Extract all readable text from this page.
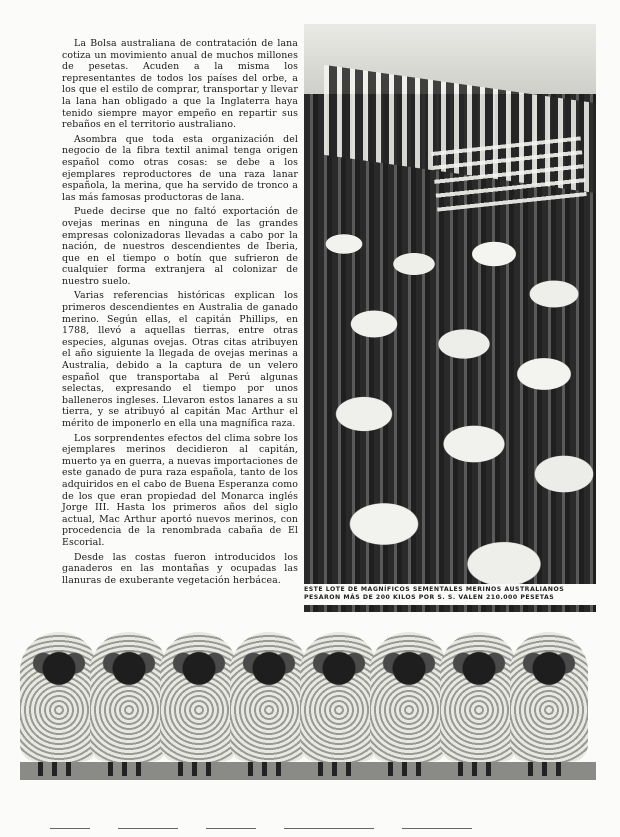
La Bolsa australiana de contratación de lana cotiza un movimiento anual de muchos millones de pesetas. Acuden a la misma los representantes de todos los países del orbe, a los que el estilo de comprar, transportar y llevar la lana han obligado a que la Inglaterra haya tenido siempre mayor empeño en repartir sus rebaños en el territorio australiano.

Asombra que toda esta organización del negocio de la fibra textil animal tenga origen español como otras cosas: se debe a los ejemplares reproductores de una raza lanar española, la merina, que ha servido de tronco a las más famosas productoras de lana.

Puede decirse que no faltó exportación de ovejas merinas en ninguna de las grandes empresas colonizadoras llevadas a cabo por la nación, de nuestros descendientes de Iberia, que en el tiempo o botín que sufrieron de cualquier forma extranjera al colonizar de nuestro suelo.

Varias referencias históricas explican los primeros descendientes en Australia de ganado merino. Según ellas, el capitán Phillips, en 1788, llevó a aquellas tierras, entre otras especies, algunas ovejas. Otras citas atribuyen el año siguiente la llegada de ovejas merinas a Australia, debido a la captura de un velero español que transportaba al Perú algunas selectas, expresando el tiempo por unos balleneros ingleses. Llevaron estos lanares a su tierra, y se atribuyó al capitán Mac Arthur el mérito de imponerlo en ella una magnífica raza.

Los sorprendentes efectos del clima sobre los ejemplares merinos decidieron al capitán, muerto ya en guerra, a nuevas importaciones de este ganado de pura raza española, tanto de los adquiridos en el cabo de Buena Esperanza como de los que eran propiedad del Monarca inglés Jorge III. Hasta los primeros años del siglo actual, Mac Arthur aportó nuevos merinos, con procedencia de la renombrada cabaña de El Escorial.

Desde las costas fueron introducidos los ganaderos en las montañas y ocupadas las llanuras de exuberante vegetación herbácea.

ESTE LOTE DE MAGNÍFICOS SEMENTALES MERINOS AUSTRALIANOS PESARON MÁS DE 200 KILOS POR S. S. VALEN 210.000 PESETAS
